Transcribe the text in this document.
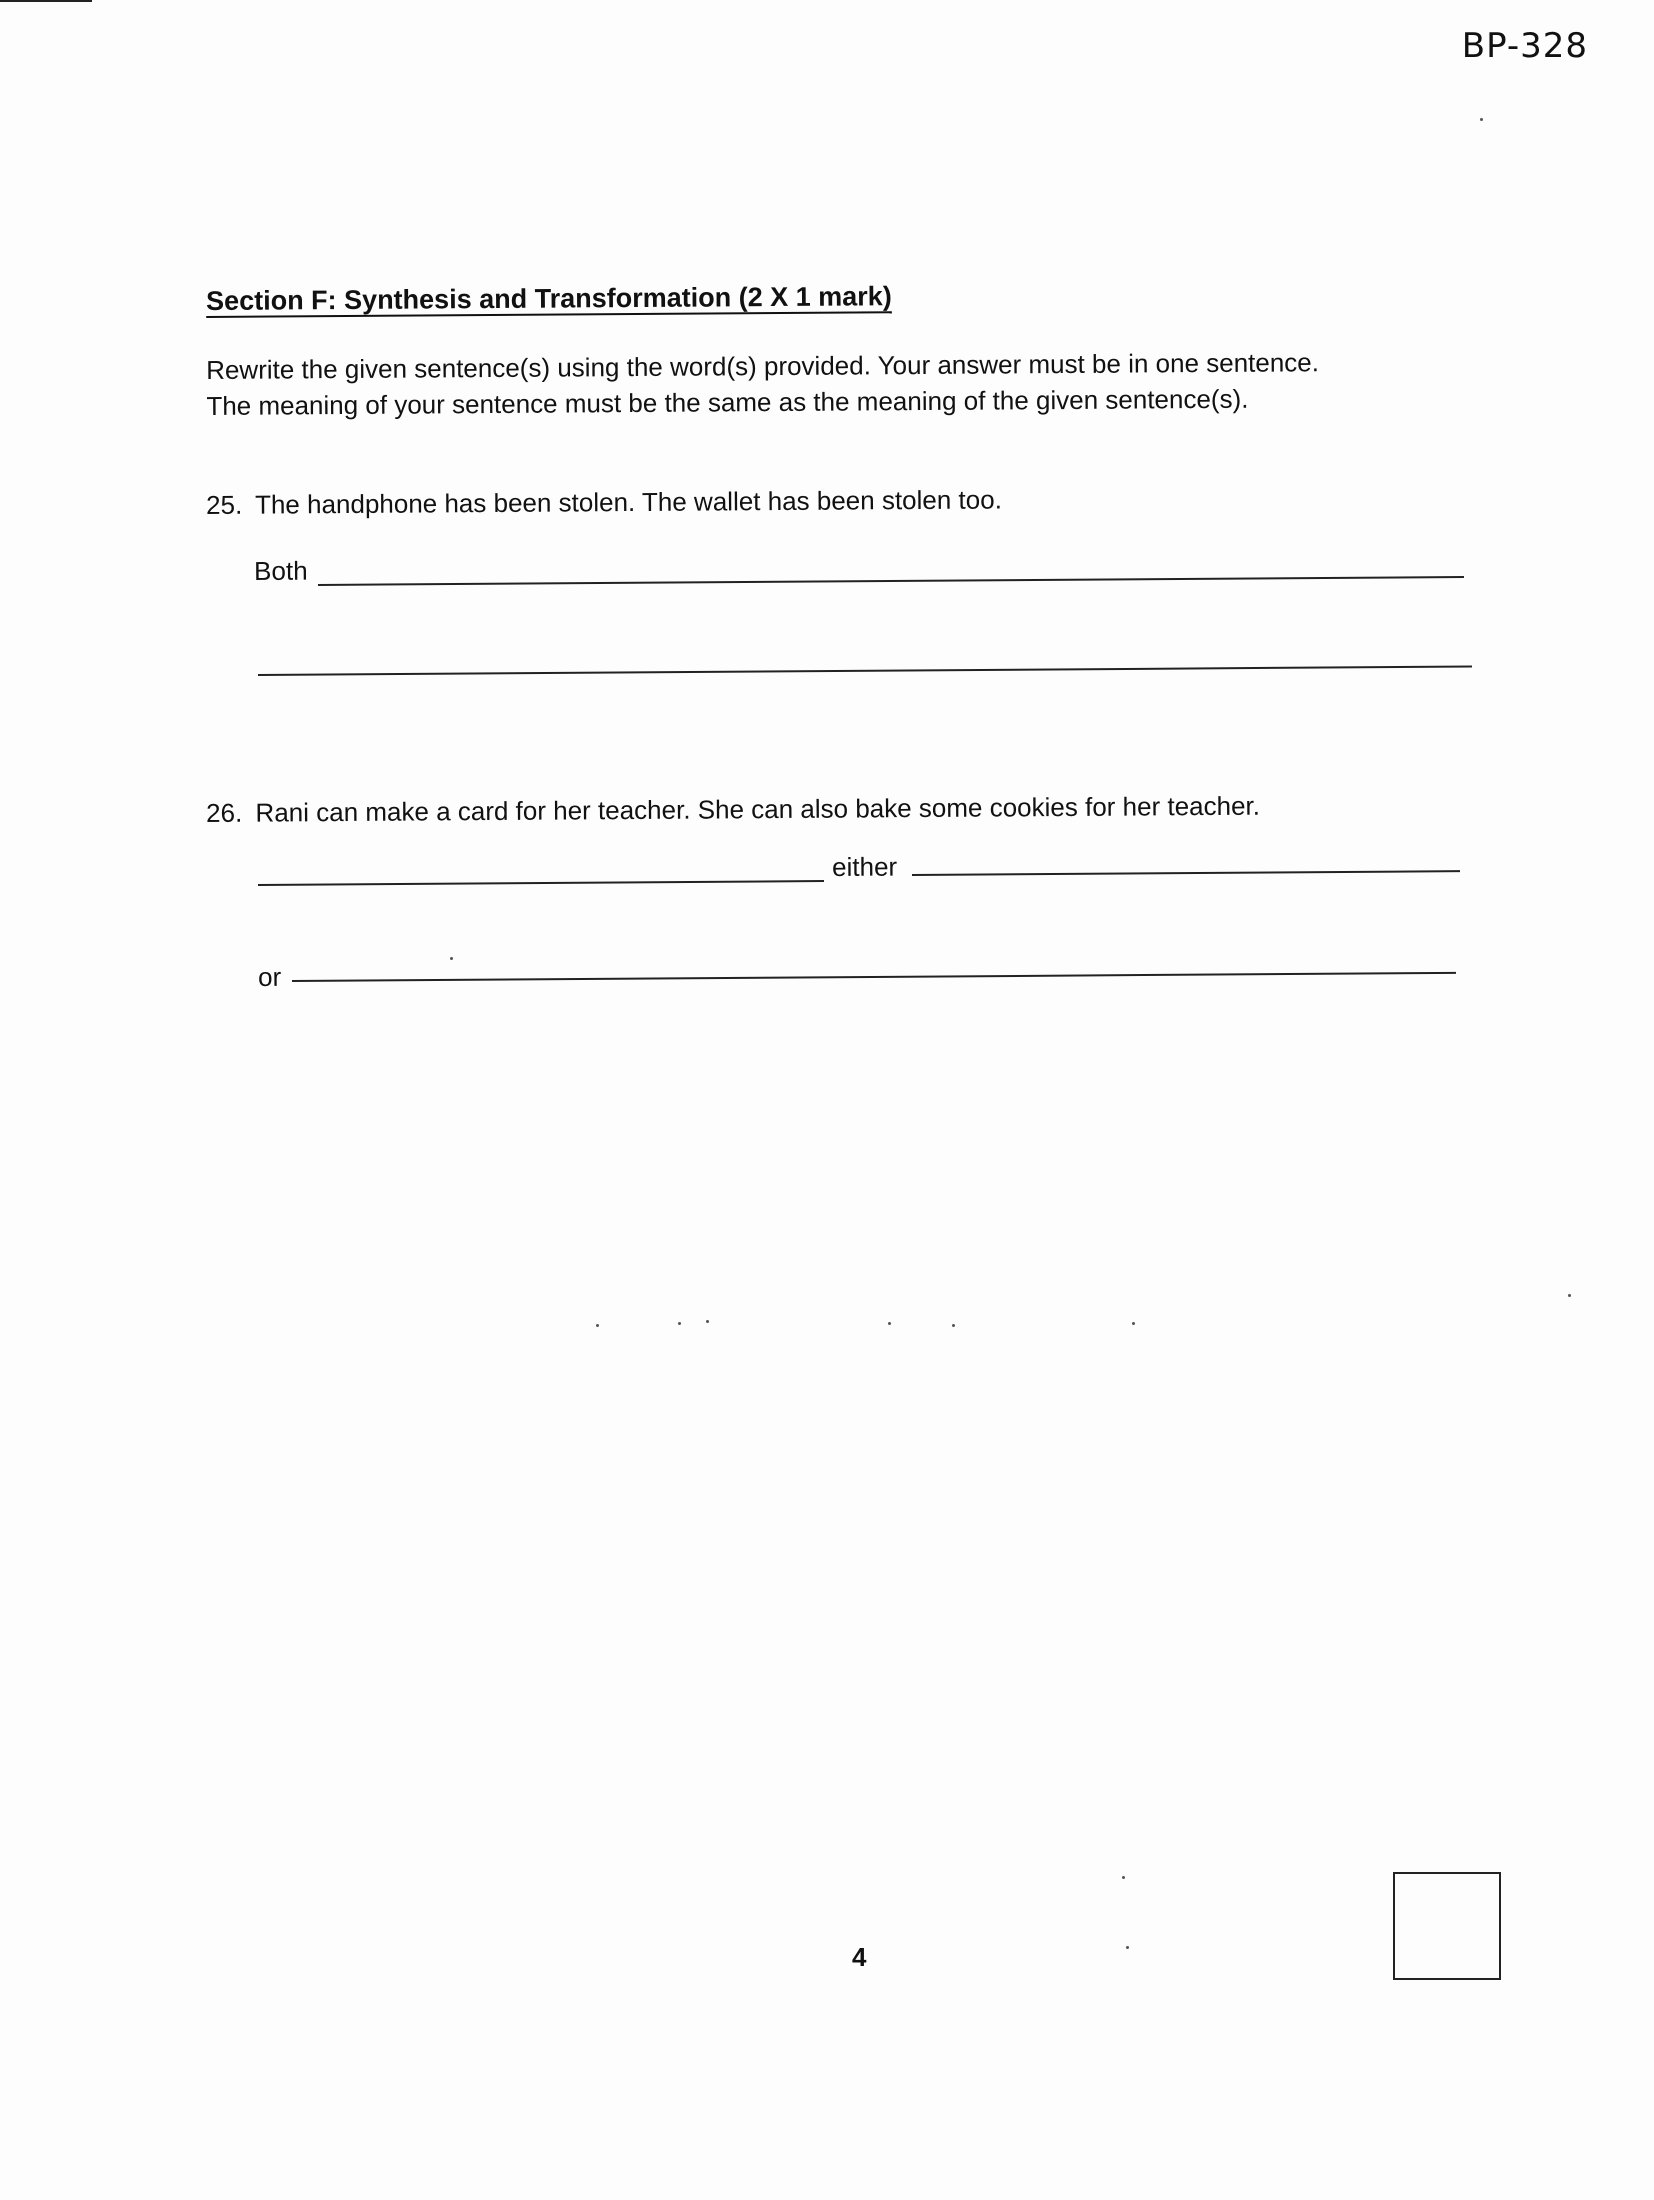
BP-328
Section F: Synthesis and Transformation (2 X 1 mark)

Rewrite the given sentence(s) using the word(s) provided. Your answer must be in one sentence.

The meaning of your sentence must be the same as the meaning of the given sentence(s).

25. The handphone has been stolen. The wallet has been stolen too.
Both
26. Rani can make a card for her teacher. She can also bake some cookies for her teacher.
either
or
4
